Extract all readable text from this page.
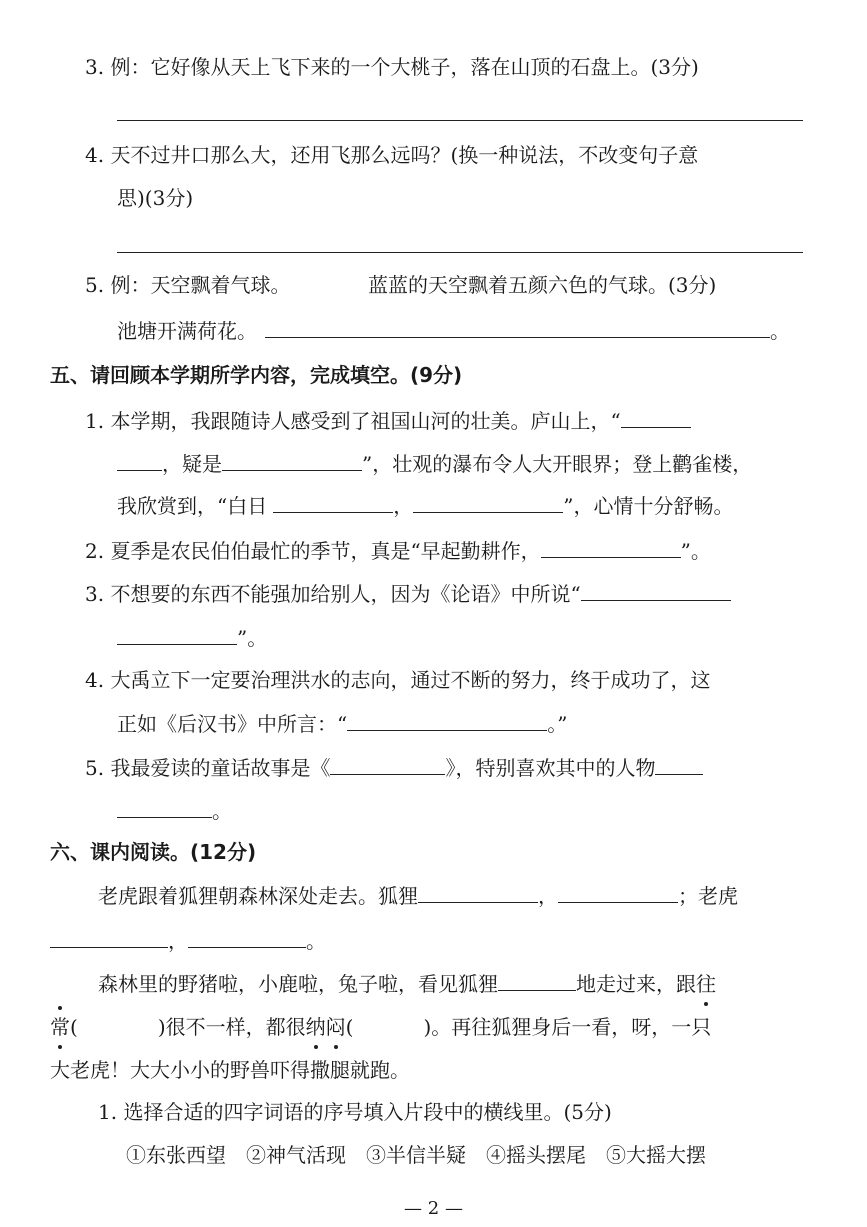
3. 例：它好像从天上飞下来的一个大桃子，落在山顶的石盘上。(3分)
4. 天不过井口那么大，还用飞那么远吗？(换一种说法，不改变句子意
思)(3分)
5. 例：天空飘着气球。	蓝蓝的天空飘着五颜六色的气球。(3分)
池塘开满荷花。	。
五、请回顾本学期所学内容，完成填空。(9分)
1. 本学期，我跟随诗人感受到了祖国山河的壮美。庐山上，“
，疑是	”，壮观的瀑布令人大开眼界；登上鹳雀楼，
我欣赏到，“白日	，	”，心情十分舒畅。
2. 夏季是农民伯伯最忙的季节，真是“早起勤耕作，	”。
3. 不想要的东西不能强加给别人，因为《论语》中所说“
”。
4. 大禹立下一定要治理洪水的志向，通过不断的努力，终于成功了，这
正如《后汉书》中所言：“	。”
5. 我最爱读的童话故事是《	》，特别喜欢其中的人物
。
六、课内阅读。(12分)
老虎跟着狐狸朝森林深处走去。狐狸	，	；老虎
，	。
森林里的野猪啦，小鹿啦，兔子啦，看见狐狸	地走过来，跟往
常(	)很不一样，都很纳闷(	)。再往狐狸身后一看，呀，一只
大老虎！大大小小的野兽吓得撒腿就跑。
1. 选择合适的四字词语的序号填入片段中的横线里。(5分)
①东张西望 ②神气活现 ③半信半疑 ④摇头摆尾 ⑤大摇大摆
— 2 —
